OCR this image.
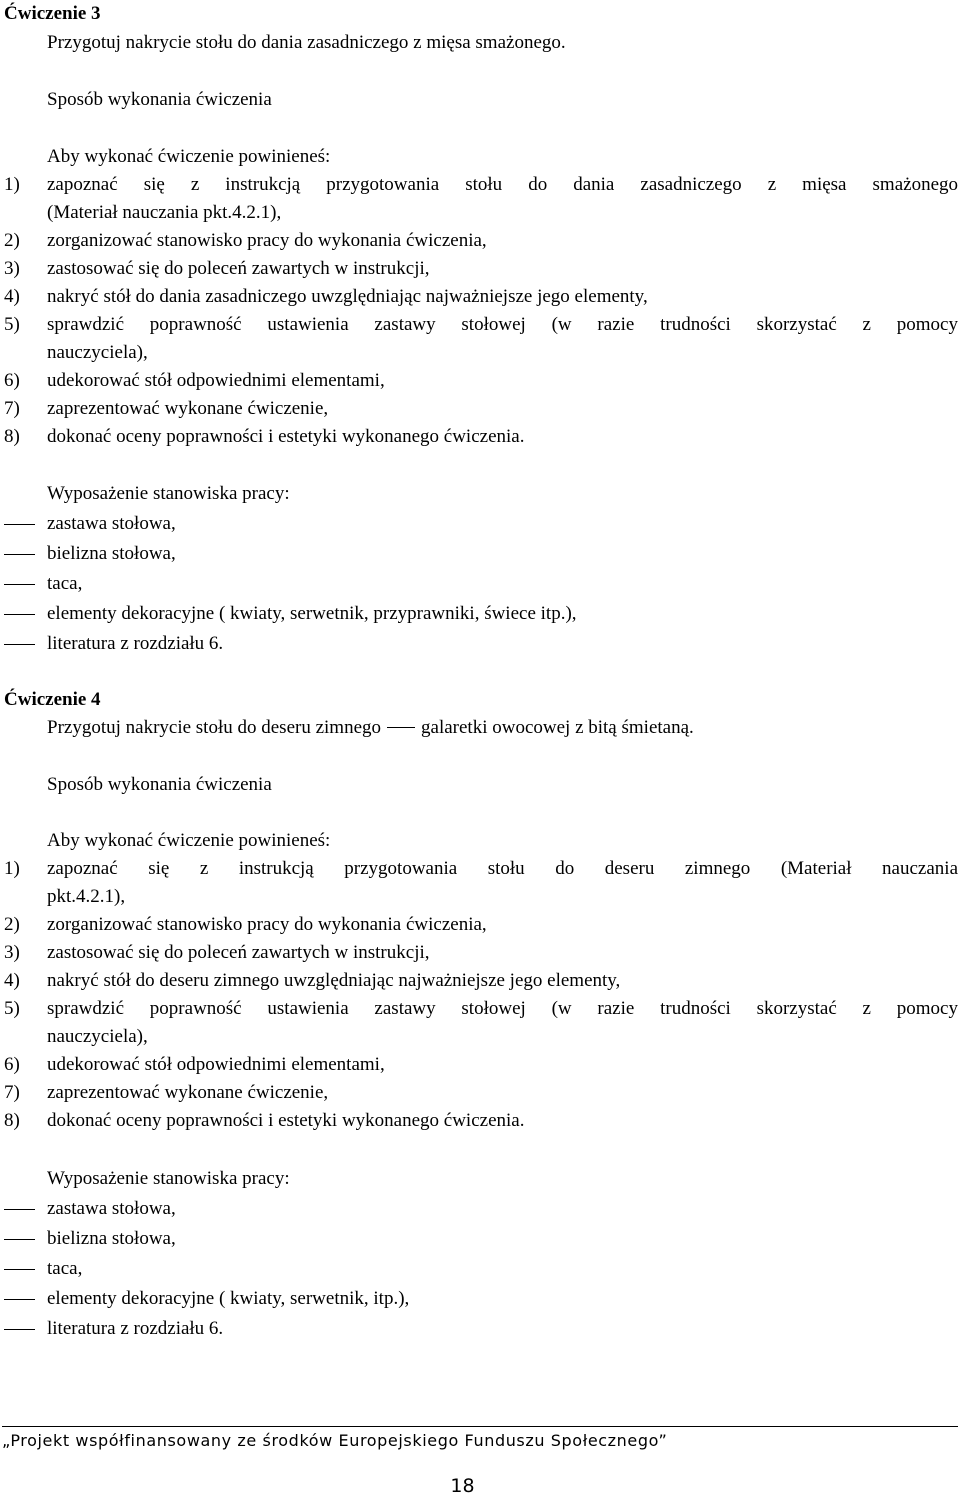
Ćwiczenie 3
Przygotuj nakrycie stołu do dania zasadniczego z mięsa smażonego.
Sposób wykonania ćwiczenia
Aby wykonać ćwiczenie powinieneś:
1) zapoznać się z instrukcją przygotowania stołu do dania zasadniczego z mięsa smażonego
(Materiał nauczania pkt.4.2.1),
2) zorganizować stanowisko pracy do wykonania ćwiczenia,
3) zastosować się do poleceń zawartych w instrukcji,
4) nakryć stół do dania zasadniczego uwzględniając najważniejsze jego elementy,
5) sprawdzić poprawność ustawienia zastawy stołowej (w razie trudności skorzystać z pomocy
nauczyciela),
6) udekorować stół odpowiednimi elementami,
7) zaprezentować wykonane ćwiczenie,
8) dokonać oceny poprawności i estetyki wykonanego ćwiczenia.
Wyposażenie stanowiska pracy:
zastawa stołowa,
bielizna stołowa,
taca,
elementy dekoracyjne ( kwiaty, serwetnik, przyprawniki, świece itp.),
literatura z rozdziału 6.
Ćwiczenie 4
Przygotuj nakrycie stołu do deseru zimnego galaretki owocowej z bitą śmietaną.
Sposób wykonania ćwiczenia
Aby wykonać ćwiczenie powinieneś:
1) zapoznać się z instrukcją przygotowania stołu do deseru zimnego (Materiał nauczania
pkt.4.2.1),
2) zorganizować stanowisko pracy do wykonania ćwiczenia,
3) zastosować się do poleceń zawartych w instrukcji,
4) nakryć stół do deseru zimnego uwzględniając najważniejsze jego elementy,
5) sprawdzić poprawność ustawienia zastawy stołowej (w razie trudności skorzystać z pomocy
nauczyciela),
6) udekorować stół odpowiednimi elementami,
7) zaprezentować wykonane ćwiczenie,
8) dokonać oceny poprawności i estetyki wykonanego ćwiczenia.
Wyposażenie stanowiska pracy:
zastawa stołowa,
bielizna stołowa,
taca,
elementy dekoracyjne ( kwiaty, serwetnik, itp.),
literatura z rozdziału 6.
„Projekt współfinansowany ze środków Europejskiego Funduszu Społecznego”
18
